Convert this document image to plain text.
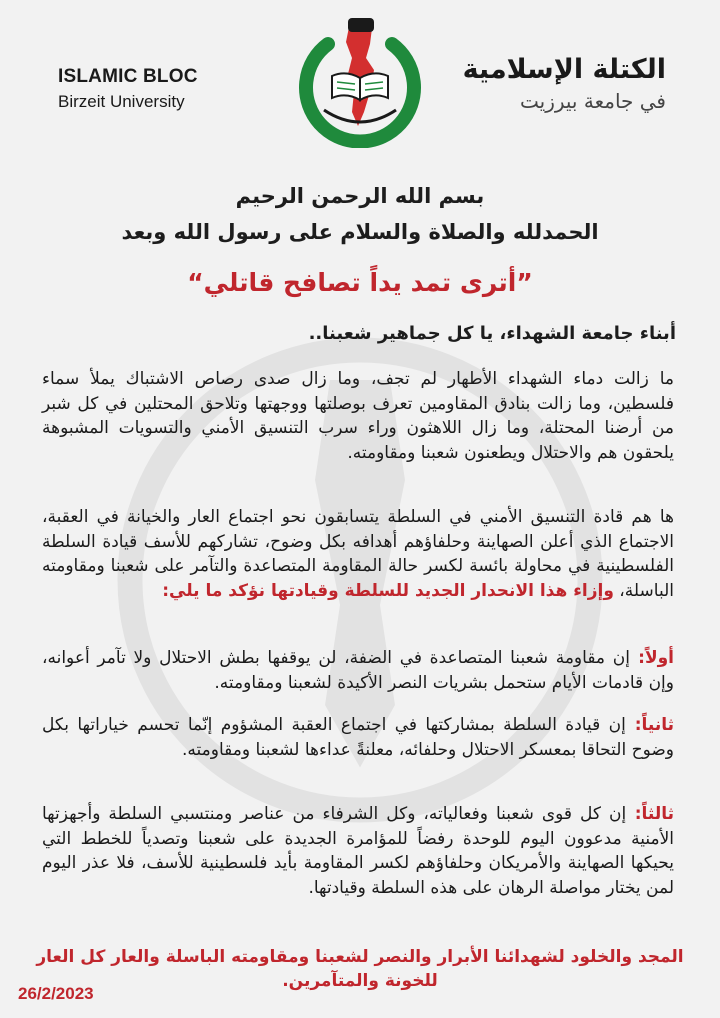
ISLAMIC BLOC
Birzeit University
الكتلة الإسلامية
في جامعة بيرزيت
بسم الله الرحمن الرحيم
الحمدلله والصلاة والسلام على رسول الله وبعد
”أترى تمد يداً تصافح قاتلي“
أبناء جامعة الشهداء، يا كل جماهير شعبنا..
ما زالت دماء الشهداء الأطهار لم تجف، وما زال صدى رصاص الاشتباك يملأ سماء فلسطين، وما زالت بنادق المقاومين تعرف بوصلتها ووجهتها وتلاحق المحتلين في كل شبر من أرضنا المحتلة، وما زال اللاهثون وراء سرب التنسيق الأمني والتسويات المشبوهة يلحقون هم والاحتلال ويطعنون شعبنا ومقاومته.
ها هم قادة التنسيق الأمني في السلطة يتسابقون نحو اجتماع العار والخيانة في العقبة، الاجتماع الذي أعلن الصهاينة وحلفاؤهم أهدافه بكل وضوح، تشاركهم للأسف قيادة السلطة الفلسطينية في محاولة بائسة لكسر حالة المقاومة المتصاعدة والتآمر على شعبنا ومقاومته الباسلة، وإزاء هذا الانحدار الجديد للسلطة وقيادتها نؤكد ما يلي:
أولاً: إن مقاومة شعبنا المتصاعدة في الضفة، لن يوقفها بطش الاحتلال ولا تآمر أعوانه، وإن قادمات الأيام ستحمل بشريات النصر الأكيدة لشعبنا ومقاومته.
ثانياً: إن قيادة السلطة بمشاركتها في اجتماع العقبة المشؤوم إنّما تحسم خياراتها بكل وضوح التحاقا بمعسكر الاحتلال وحلفائه، معلنةً عداءها لشعبنا ومقاومته.
ثالثاً: إن كل قوى شعبنا وفعالياته، وكل الشرفاء من عناصر ومنتسبي السلطة وأجهزتها الأمنية مدعوون اليوم للوحدة رفضاً للمؤامرة الجديدة على شعبنا وتصدياً للخطط التي يحيكها الصهاينة والأمريكان وحلفاؤهم لكسر المقاومة بأيد فلسطينية للأسف، فلا عذر اليوم لمن يختار مواصلة الرهان على هذه السلطة وقيادتها.
المجد والخلود لشهدائنا الأبرار والنصر لشعبنا ومقاومته الباسلة والعار كل العار للخونة والمتآمرين.
26/2/2023
